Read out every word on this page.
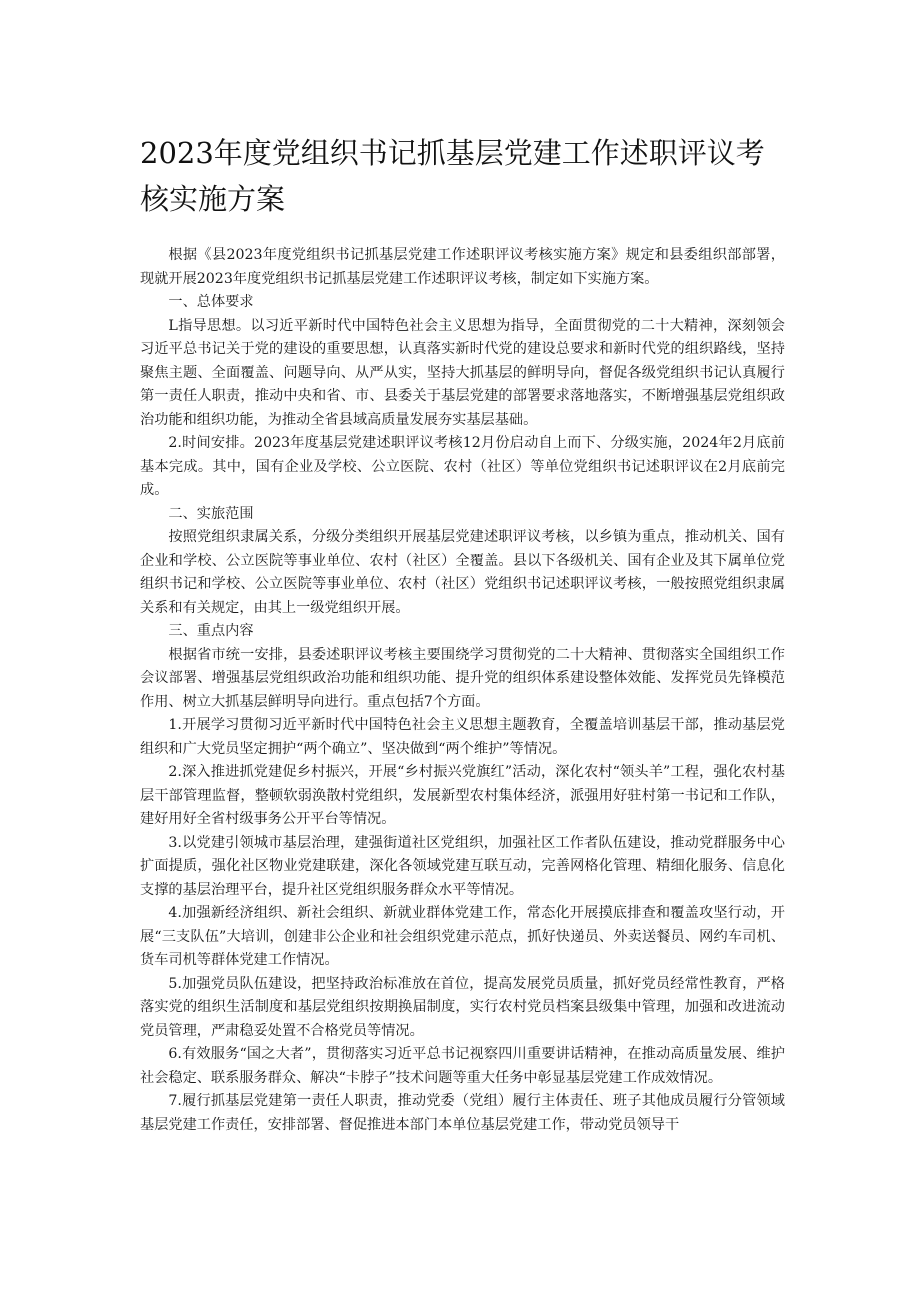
2023年度党组织书记抓基层党建工作述职评议考核实施方案

根据《县2023年度党组织书记抓基层党建工作述职评议考核实施方案》规定和县委组织部部署，现就开展2023年度党组织书记抓基层党建工作述职评议考核，制定如下实施方案。

一、总体要求

L指导思想。以习近平新时代中国特色社会主义思想为指导，全面贯彻党的二十大精神，深刻领会习近平总书记关于党的建设的重要思想，认真落实新时代党的建设总要求和新时代党的组织路线，坚持聚焦主题、全面覆盖、问题导向、从严从实，坚持大抓基层的鲜明导向，督促各级党组织书记认真履行第一责任人职责，推动中央和省、市、县委关于基层党建的部署要求落地落实，不断增强基层党组织政治功能和组织功能，为推动全省县域高质量发展夯实基层基础。

2.时间安排。2023年度基层党建述职评议考核12月份启动自上而下、分级实施，2024年2月底前基本完成。其中，国有企业及学校、公立医院、农村（社区）等单位党组织书记述职评议在2月底前完成。

二、实旅范围

按照党组织隶属关系，分级分类组织开展基层党建述职评议考核，以乡镇为重点，推动机关、国有企业和学校、公立医院等事业单位、农村（社区）全覆盖。县以下各级机关、国有企业及其下属单位党组织书记和学校、公立医院等事业单位、农村（社区）党组织书记述职评议考核，一般按照党组织隶属关系和有关规定，由其上一级党组织开展。

三、重点内容

根据省市统一安排，县委述职评议考核主要围绕学习贯彻党的二十大精神、贯彻落实全国组织工作会议部署、增强基层党组织政治功能和组织功能、提升党的组织体系建设整体效能、发挥党员先锋模范作用、树立大抓基层鲜明导向进行。重点包括7个方面。

1.开展学习贯彻习近平新时代中国特色社会主义思想主题教育，全覆盖培训基层干部，推动基层党组织和广大党员坚定拥护“两个确立”、坚决做到“两个维护”等情况。

2.深入推进抓党建促乡村振兴，开展“乡村振兴党旗红”活动，深化农村“领头羊”工程，强化农村基层干部管理监督，整顿软弱涣散村党组织，发展新型农村集体经济，派强用好驻村第一书记和工作队，建好用好全省村级事务公开平台等情况。

3.以党建引领城市基层治理，建强街道社区党组织，加强社区工作者队伍建设，推动党群服务中心扩面提质，强化社区物业党建联建，深化各领域党建互联互动，完善网格化管理、精细化服务、信息化支撑的基层治理平台，提升社区党组织服务群众水平等情况。

4.加强新经济组织、新社会组织、新就业群体党建工作，常态化开展摸底排查和覆盖攻坚行动，开展“三支队伍”大培训，创建非公企业和社会组织党建示范点，抓好快递员、外卖送餐员、网约车司机、货车司机等群体党建工作情况。

5.加强党员队伍建设，把坚持政治标准放在首位，提高发展党员质量，抓好党员经常性教育，严格落实党的组织生活制度和基层党组织按期换届制度，实行农村党员档案县级集中管理，加强和改进流动党员管理，严肃稳妥处置不合格党员等情况。

6.有效服务“国之大者”，贯彻落实习近平总书记视察四川重要讲话精神，在推动高质量发展、维护社会稳定、联系服务群众、解决“卡脖子”技术问题等重大任务中彰显基层党建工作成效情况。

7.履行抓基层党建第一责任人职责，推动党委（党组）履行主体责任、班子其他成员履行分管领域基层党建工作责任，安排部署、督促推进本部门本单位基层党建工作，带动党员领导干
